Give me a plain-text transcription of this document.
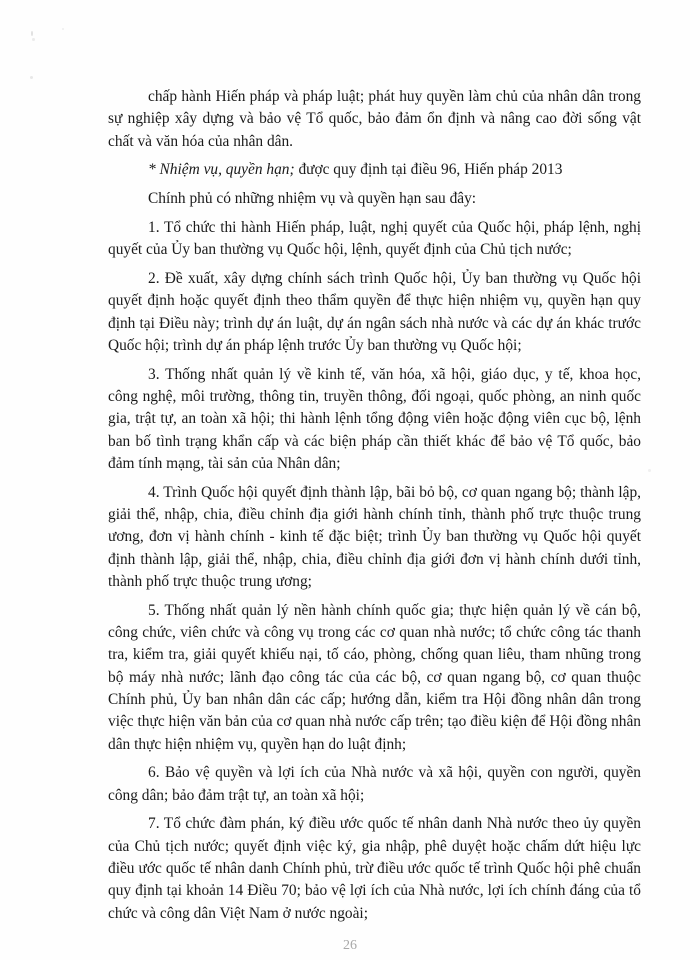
chấp hành Hiến pháp và pháp luật; phát huy quyền làm chủ của nhân dân trong sự nghiệp xây dựng và bảo vệ Tổ quốc, bảo đảm ổn định và nâng cao đời sống vật chất và văn hóa của nhân dân.

* Nhiệm vụ, quyền hạn; được quy định tại điều 96, Hiến pháp 2013

Chính phủ có những nhiệm vụ và quyền hạn sau đây:

1. Tổ chức thi hành Hiến pháp, luật, nghị quyết của Quốc hội, pháp lệnh, nghị quyết của Ủy ban thường vụ Quốc hội, lệnh, quyết định của Chủ tịch nước;

2. Đề xuất, xây dựng chính sách trình Quốc hội, Ủy ban thường vụ Quốc hội quyết định hoặc quyết định theo thẩm quyền để thực hiện nhiệm vụ, quyền hạn quy định tại Điều này; trình dự án luật, dự án ngân sách nhà nước và các dự án khác trước Quốc hội; trình dự án pháp lệnh trước Ủy ban thường vụ Quốc hội;

3. Thống nhất quản lý về kinh tế, văn hóa, xã hội, giáo dục, y tế, khoa học, công nghệ, môi trường, thông tin, truyền thông, đối ngoại, quốc phòng, an ninh quốc gia, trật tự, an toàn xã hội; thi hành lệnh tổng động viên hoặc động viên cục bộ, lệnh ban bố tình trạng khẩn cấp và các biện pháp cần thiết khác để bảo vệ Tổ quốc, bảo đảm tính mạng, tài sản của Nhân dân;

4. Trình Quốc hội quyết định thành lập, bãi bỏ bộ, cơ quan ngang bộ; thành lập, giải thể, nhập, chia, điều chỉnh địa giới hành chính tỉnh, thành phố trực thuộc trung ương, đơn vị hành chính - kinh tế đặc biệt; trình Ủy ban thường vụ Quốc hội quyết định thành lập, giải thể, nhập, chia, điều chỉnh địa giới đơn vị hành chính dưới tỉnh, thành phố trực thuộc trung ương;

5. Thống nhất quản lý nền hành chính quốc gia; thực hiện quản lý về cán bộ, công chức, viên chức và công vụ trong các cơ quan nhà nước; tổ chức công tác thanh tra, kiểm tra, giải quyết khiếu nại, tố cáo, phòng, chống quan liêu, tham nhũng trong bộ máy nhà nước; lãnh đạo công tác của các bộ, cơ quan ngang bộ, cơ quan thuộc Chính phủ, Ủy ban nhân dân các cấp; hướng dẫn, kiểm tra Hội đồng nhân dân trong việc thực hiện văn bản của cơ quan nhà nước cấp trên; tạo điều kiện để Hội đồng nhân dân thực hiện nhiệm vụ, quyền hạn do luật định;

6. Bảo vệ quyền và lợi ích của Nhà nước và xã hội, quyền con người, quyền công dân; bảo đảm trật tự, an toàn xã hội;

7. Tổ chức đàm phán, ký điều ước quốc tế nhân danh Nhà nước theo ủy quyền của Chủ tịch nước; quyết định việc ký, gia nhập, phê duyệt hoặc chấm dứt hiệu lực điều ước quốc tế nhân danh Chính phủ, trừ điều ước quốc tế trình Quốc hội phê chuẩn quy định tại khoản 14 Điều 70; bảo vệ lợi ích của Nhà nước, lợi ích chính đáng của tổ chức và công dân Việt Nam ở nước ngoài;

26
